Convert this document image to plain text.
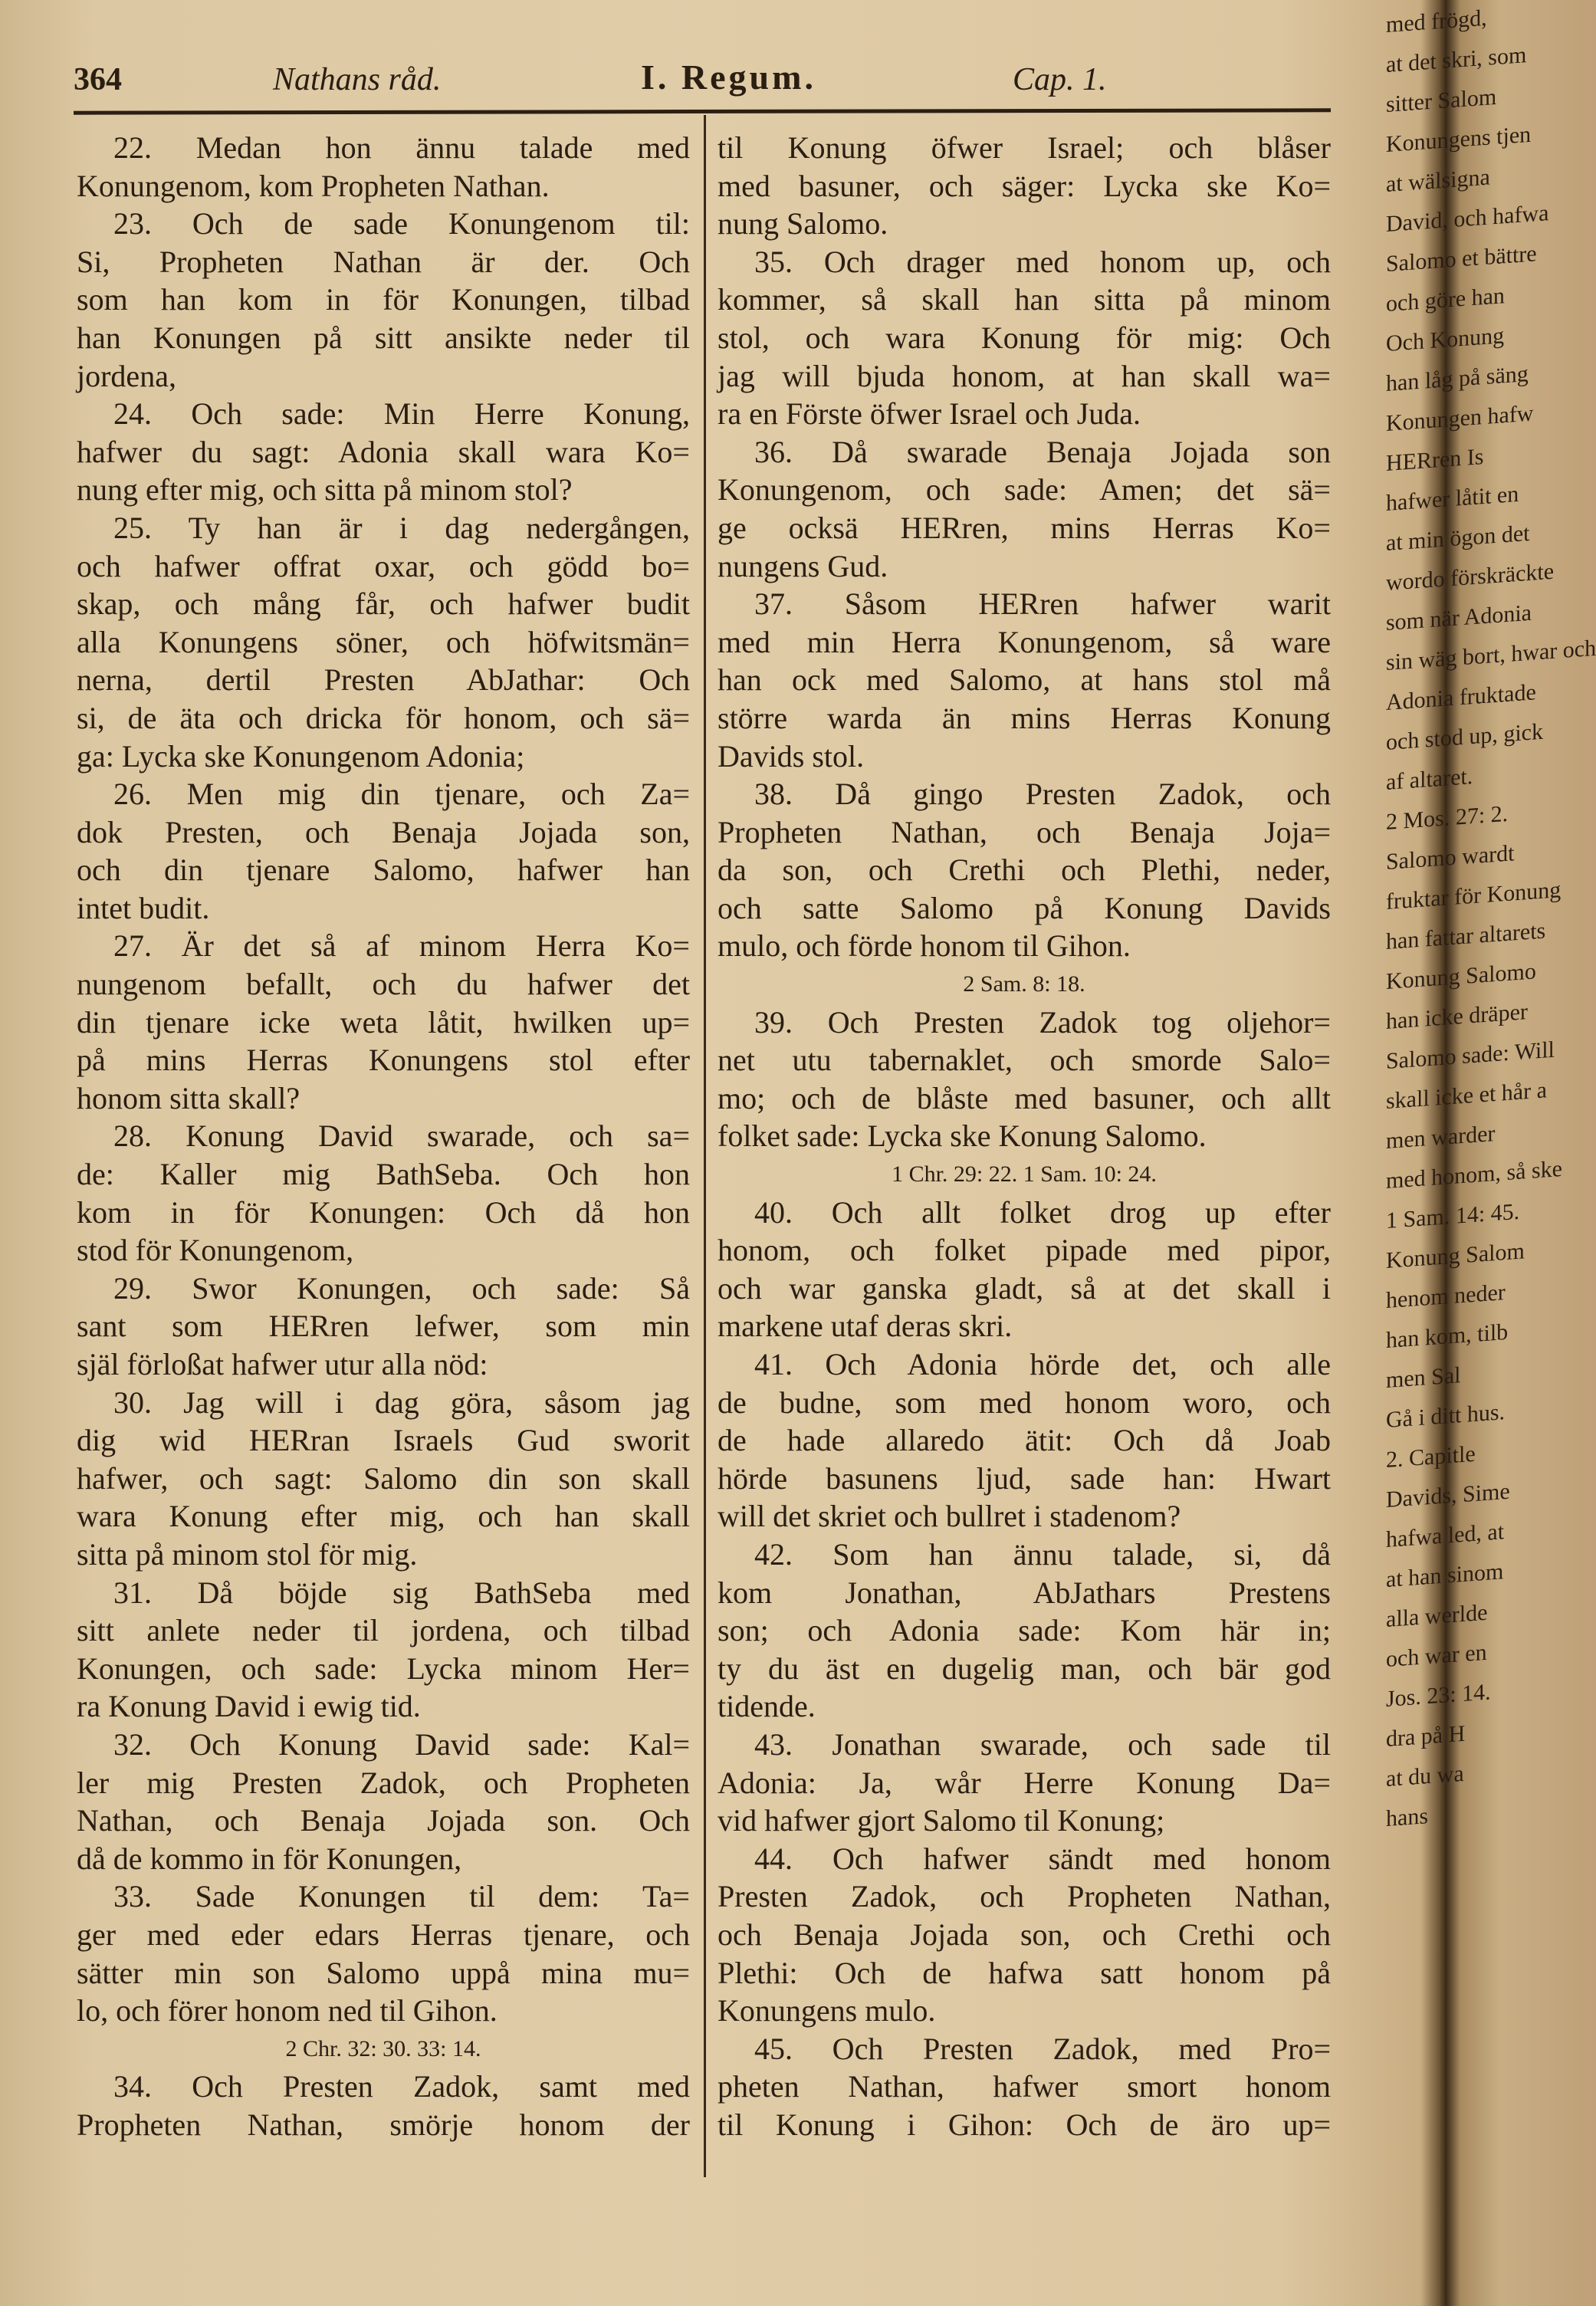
364	Nathans råd.	I. Regum.	Cap. 1.
22. Medan hon ännu talade med
Konungenom, kom Propheten Nathan.
23. Och de sade Konungenom til:
Si, Propheten Nathan är der. Och
som han kom in för Konungen, tilbad
han Konungen på sitt ansikte neder til
jordena,
24. Och sade: Min Herre Konung,
hafwer du sagt: Adonia skall wara Ko=
nung efter mig, och sitta på minom stol?
25. Ty han är i dag nedergången,
och hafwer offrat oxar, och gödd bo=
skap, och mång får, och hafwer budit
alla Konungens söner, och höfwitsmän=
nerna, dertil Presten AbJathar: Och
si, de äta och dricka för honom, och sä=
ga: Lycka ske Konungenom Adonia;
26. Men mig din tjenare, och Za=
dok Presten, och Benaja Jojada son,
och din tjenare Salomo, hafwer han
intet budit.
27. Är det så af minom Herra Ko=
nungenom befallt, och du hafwer det
din tjenare icke weta låtit, hwilken up=
på mins Herras Konungens stol efter
honom sitta skall?
28. Konung David swarade, och sa=
de: Kaller mig BathSeba. Och hon
kom in för Konungen: Och då hon
stod för Konungenom,
29. Swor Konungen, och sade: Så
sant som HERren lefwer, som min
själ förloßat hafwer utur alla nöd:
30. Jag will i dag göra, såsom jag
dig wid HERran Israels Gud sworit
hafwer, och sagt: Salomo din son skall
wara Konung efter mig, och han skall
sitta på minom stol för mig.
31. Då böjde sig BathSeba med
sitt anlete neder til jordena, och tilbad
Konungen, och sade: Lycka minom Her=
ra Konung David i ewig tid.
32. Och Konung David sade: Kal=
ler mig Presten Zadok, och Propheten
Nathan, och Benaja Jojada son. Och
då de kommo in för Konungen,
33. Sade Konungen til dem: Ta=
ger med eder edars Herras tjenare, och
sätter min son Salomo uppå mina mu=
lo, och förer honom ned til Gihon.
2 Chr. 32: 30. 33: 14.
34. Och Presten Zadok, samt med
Propheten Nathan, smörje honom der
til Konung öfwer Israel; och blåser
med basuner, och säger: Lycka ske Ko=
nung Salomo.
35. Och drager med honom up, och
kommer, så skall han sitta på minom
stol, och wara Konung för mig: Och
jag will bjuda honom, at han skall wa=
ra en Förste öfwer Israel och Juda.
36. Då swarade Benaja Jojada son
Konungenom, och sade: Amen; det sä=
ge ocksä HERren, mins Herras Ko=
nungens Gud.
37. Såsom HERren hafwer warit
med min Herra Konungenom, så ware
han ock med Salomo, at hans stol må
större warda än mins Herras Konung
Davids stol.
38. Då gingo Presten Zadok, och
Propheten Nathan, och Benaja Joja=
da son, och Crethi och Plethi, neder,
och satte Salomo på Konung Davids
mulo, och förde honom til Gihon.
2 Sam. 8: 18.
39. Och Presten Zadok tog oljehor=
net utu tabernaklet, och smorde Salo=
mo; och de blåste med basuner, och allt
folket sade: Lycka ske Konung Salomo.
1 Chr. 29: 22. 1 Sam. 10: 24.
40. Och allt folket drog up efter
honom, och folket pipade med pipor,
och war ganska gladt, så at det skall i
markene utaf deras skri.
41. Och Adonia hörde det, och alle
de budne, som med honom woro, och
de hade allaredo ätit: Och då Joab
hörde basunens ljud, sade han: Hwart
will det skriet och bullret i stadenom?
42. Som han ännu talade, si, då
kom Jonathan, AbJathars Prestens
son; och Adonia sade: Kom här in;
ty du äst en dugelig man, och bär god
tidende.
43. Jonathan swarade, och sade til
Adonia: Ja, wår Herre Konung Da=
vid hafwer gjort Salomo til Konung;
44. Och hafwer sändt med honom
Presten Zadok, och Propheten Nathan,
och Benaja Jojada son, och Crethi och
Plethi: Och de hafwa satt honom på
Konungens mulo.
45. Och Presten Zadok, med Pro=
pheten Nathan, hafwer smort honom
til Konung i Gihon: Och de äro up=
med frögd,
at det skri, som
sitter Salom
Konungens tjen
at wälsigna
David, och hafwa
Salomo et bättre
och göre han
Och Konung
han låg på säng
Konungen hafw
HERren Is
hafwer låtit en
at min ögon det
wordo förskräckte
som när Adonia
sin wäg bort, hwar och
Adonia fruktade
och stod up, gick
af altaret.
2 Mos. 27: 2.
Salomo wardt
fruktar för Konung
han fattar altarets
Konung Salomo
han icke dräper
Salomo sade: Will
skall icke et hår a
men warder
med honom, så ske
1 Sam. 14: 45.
Konung Salom
henom neder
han kom, tilb
men Sal
Gå i ditt hus.
2. Capitle
Davids, Sime
hafwa led, at
at han sinom
alla werlde
och war en
Jos. 23: 14.
dra på H
at du wa
hans
